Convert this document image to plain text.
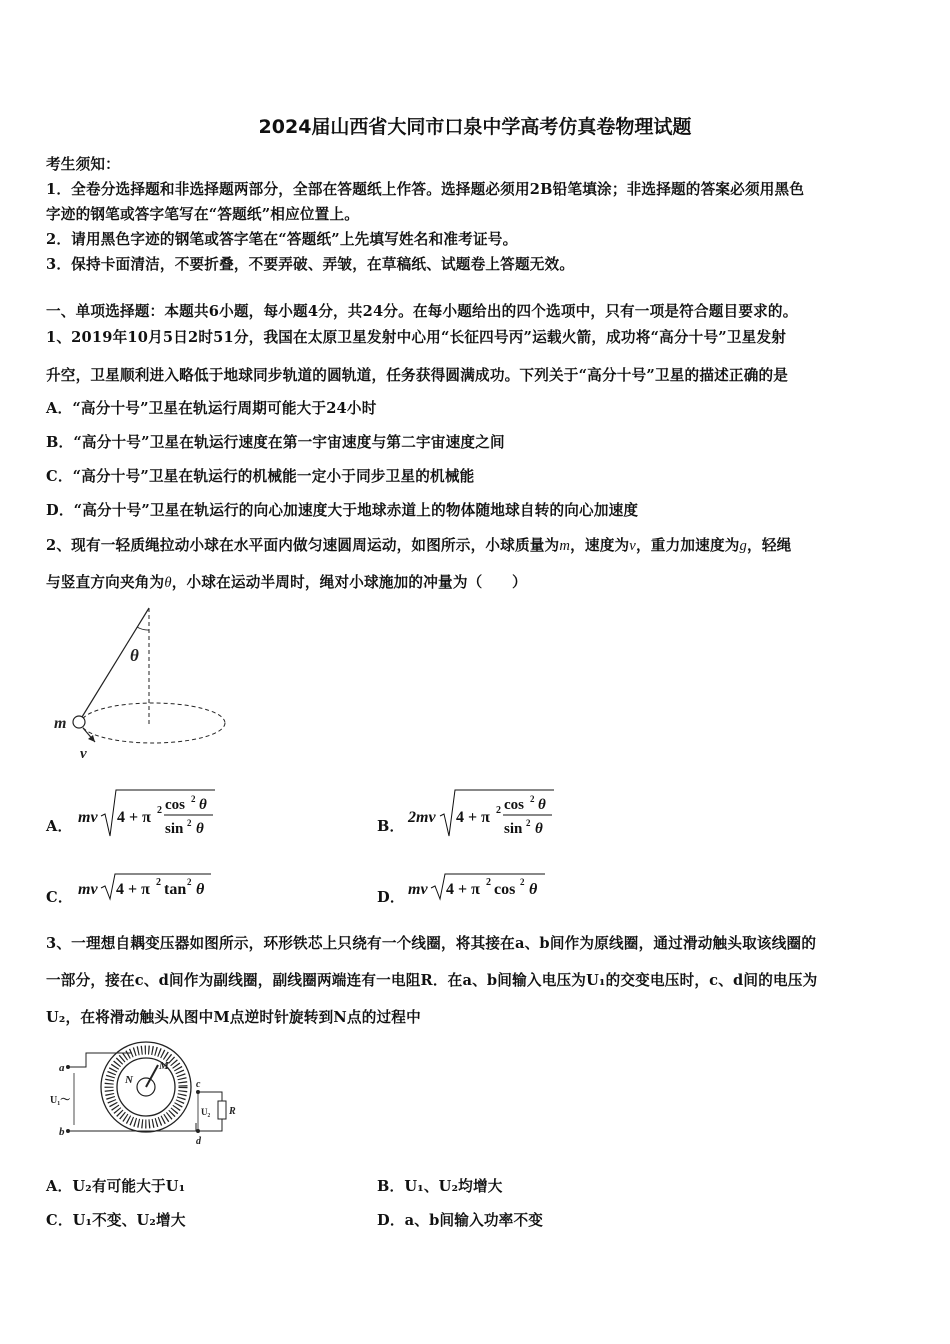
2024届山西省大同市口泉中学高考仿真卷物理试题
考生须知：
1．全卷分选择题和非选择题两部分，全部在答题纸上作答。选择题必须用2B铅笔填涂；非选择题的答案必须用黑色
字迹的钢笔或答字笔写在“答题纸”相应位置上。
2．请用黑色字迹的钢笔或答字笔在“答题纸”上先填写姓名和准考证号。
3．保持卡面清洁，不要折叠，不要弄破、弄皱，在草稿纸、试题卷上答题无效。
一、单项选择题：本题共6小题，每小题4分，共24分。在每小题给出的四个选项中，只有一项是符合题目要求的。
1、2019年10月5日2时51分，我国在太原卫星发射中心用“长征四号丙”运载火箭，成功将“高分十号”卫星发射
升空，卫星顺利进入略低于地球同步轨道的圆轨道，任务获得圆满成功。下列关于“高分十号”卫星的描述正确的是
A．“高分十号”卫星在轨运行周期可能大于24小时
B．“高分十号”卫星在轨运行速度在第一宇宙速度与第二宇宙速度之间
C．“高分十号”卫星在轨运行的机械能一定小于同步卫星的机械能
D．“高分十号”卫星在轨运行的向心加速度大于地球赤道上的物体随地球自转的向心加速度
2、现有一轻质绳拉动小球在水平面内做匀速圆周运动，如图所示，小球质量为m，速度为v，重力加速度为g，轻绳
与竖直方向夹角为θ，小球在运动半周时，绳对小球施加的冲量为（　　）
θ
m
v
A．
mv 4 + π 2 cos 2 θ
sin 2 θ	B．
2mv 4 + π 2 cos 2 θ
sin 2 θ
C． mv 4 + π 2 tan 2 θ	D． mv 4 + π 2 cos 2 θ
3、一理想自耦变压器如图所示，环形铁芯上只绕有一个线圈，将其接在a、b间作为原线圈，通过滑动触头取该线圈的
一部分，接在c、d间作为副线圈，副线圈两端连有一电阻R．在a、b间输入电压为U₁的交变电压时，c、d间的电压为
U₂，在将滑动触头从图中M点逆时针旋转到N点的过程中
M
N
a
b
U₁～
c
d
U₂ R
A．U₂有可能大于U₁	B．U₁、U₂均增大
C．U₁不变、U₂增大	D．a、b间输入功率不变
